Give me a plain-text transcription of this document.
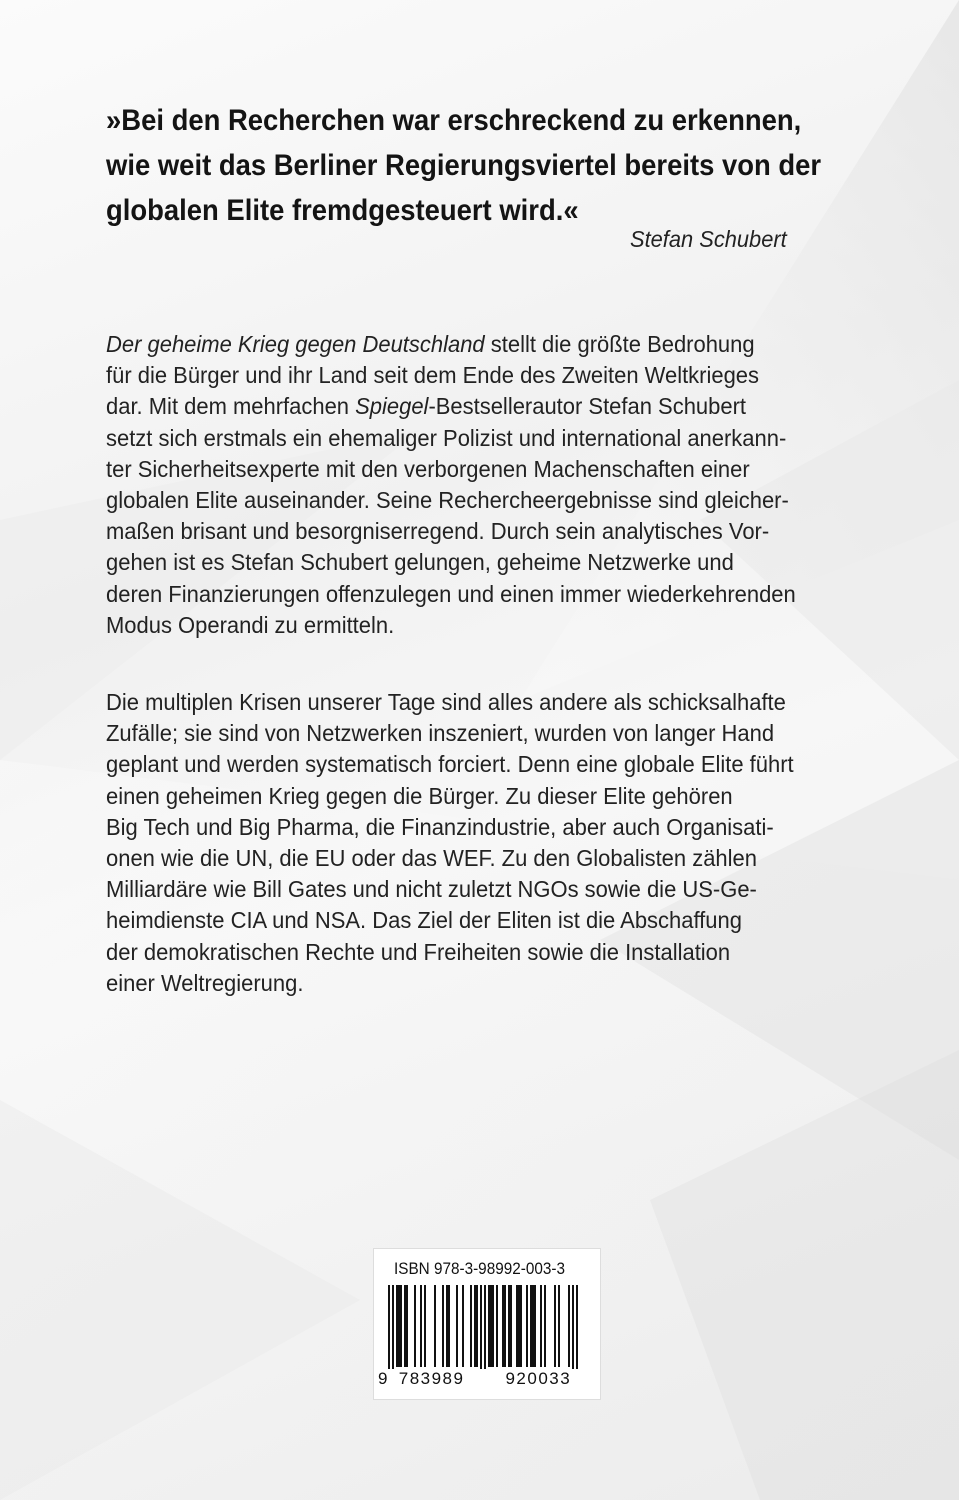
»Bei den Recherchen war erschreckend zu erkennen,
wie weit das Berliner Regierungsviertel bereits von der
globalen Elite fremdgesteuert wird.«
Stefan Schubert
Der geheime Krieg gegen Deutschland stellt die größte Bedrohung
für die Bürger und ihr Land seit dem Ende des Zweiten Weltkrieges
dar. Mit dem mehrfachen Spiegel-Bestsellerautor Stefan Schubert
setzt sich erstmals ein ehemaliger Polizist und international anerkann-
ter Sicherheitsexperte mit den verborgenen Machenschaften einer
globalen Elite auseinander. Seine Rechercheergebnisse sind gleicher-
maßen brisant und besorgniserregend. Durch sein analytisches Vor-
gehen ist es Stefan Schubert gelungen, geheime Netzwerke und
deren Finanzierungen offenzulegen und einen immer wiederkehrenden
Modus Operandi zu ermitteln.
Die multiplen Krisen unserer Tage sind alles andere als schicksalhafte
Zufälle; sie sind von Netzwerken inszeniert, wurden von langer Hand
geplant und werden systematisch forciert. Denn eine globale Elite führt
einen geheimen Krieg gegen die Bürger. Zu dieser Elite gehören
Big Tech und Big Pharma, die Finanzindustrie, aber auch Organisati-
onen wie die UN, die EU oder das WEF. Zu den Globalisten zählen
Milliardäre wie Bill Gates und nicht zuletzt NGOs sowie die US-Ge-
heimdienste CIA und NSA. Das Ziel der Eliten ist die Abschaffung
der demokratischen Rechte und Freiheiten sowie die Installation
einer Weltregierung.
ISBN 978-3-98992-003-3
9 783989 920033
